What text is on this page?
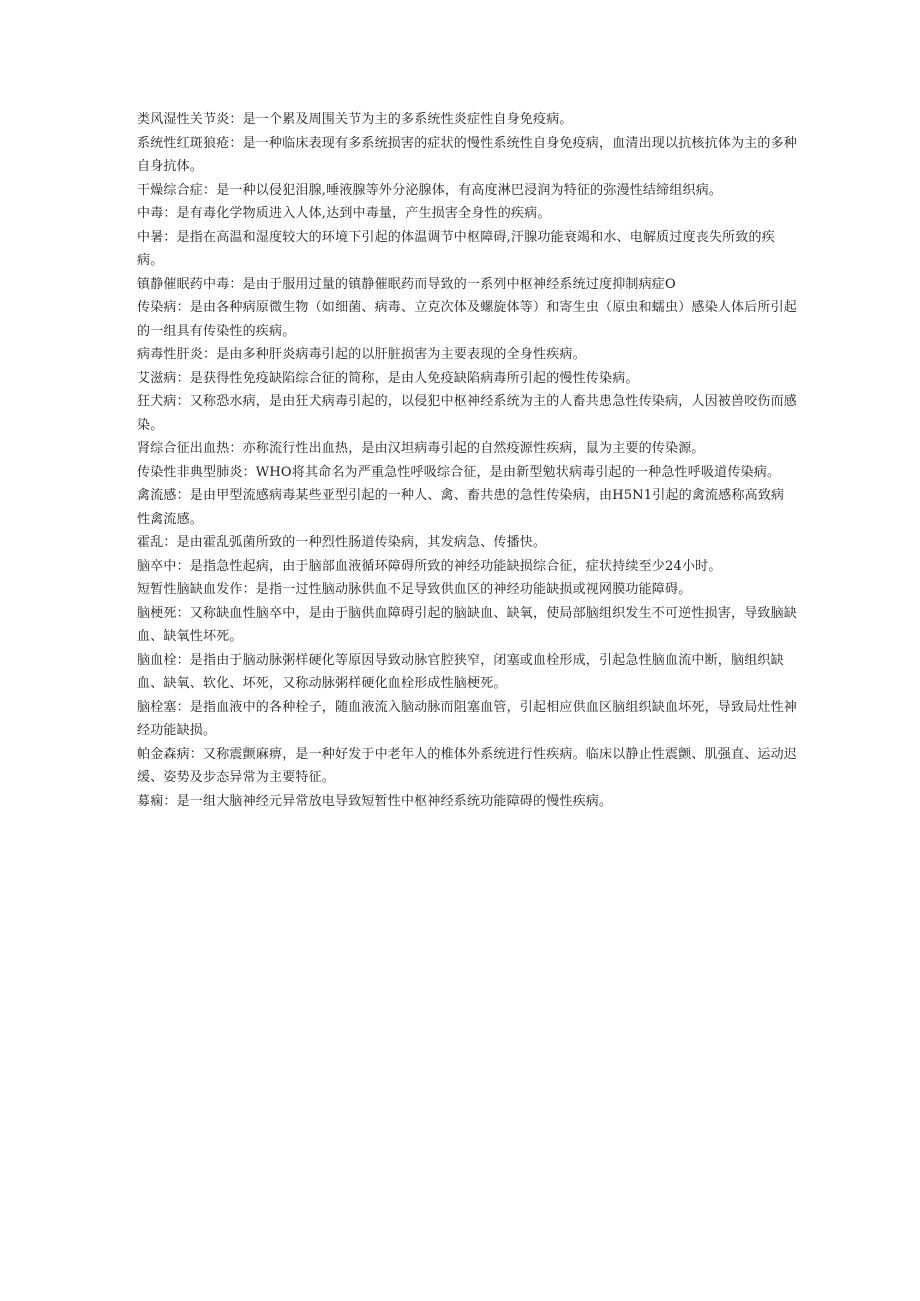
类风湿性关节炎：是一个累及周围关节为主的多系统性炎症性自身免疫病。

系统性红斑狼疮：是一种临床表现有多系统损害的症状的慢性系统性自身免疫病，血清出现以抗核抗体为主的多种自身抗体。

干燥综合症：是一种以侵犯泪腺,唾液腺等外分泌腺体，有高度淋巴浸润为特征的弥漫性结缔组织病。

中毒：是有毒化学物质进入人体,达到中毒量，产生损害全身性的疾病。

中暑：是指在高温和湿度较大的环境下引起的体温调节中枢障碍,汗腺功能衰竭和水、电解质过度丧失所致的疾病。

镇静催眠药中毒：是由于服用过量的镇静催眠药而导致的一系列中枢神经系统过度抑制病症O

传染病：是由各种病原微生物（如细菌、病毒、立克次体及螺旋体等）和寄生虫（原虫和蠕虫）感染人体后所引起的一组具有传染性的疾病。

病毒性肝炎：是由多种肝炎病毒引起的以肝脏损害为主要表现的全身性疾病。

艾滋病：是获得性免疫缺陷综合征的简称，是由人免疫缺陷病毒所引起的慢性传染病。

狂犬病：又称恐水病，是由狂犬病毒引起的，以侵犯中枢神经系统为主的人畜共患急性传染病，人因被兽咬伤而感染。

肾综合征出血热：亦称流行性出血热，是由汉坦病毒引起的自然疫源性疾病，鼠为主要的传染源。

传染性非典型肺炎：WHO将其命名为严重急性呼吸综合征，是由新型勉状病毒引起的一种急性呼吸道传染病。

禽流感：是由甲型流感病毒某些亚型引起的一种人、禽、畜共患的急性传染病，由H5N1引起的禽流感称高致病性禽流感。

霍乱：是由霍乱弧菌所致的一种烈性肠道传染病，其发病急、传播快。

脑卒中：是指急性起病，由于脑部血液循环障碍所致的神经功能缺损综合征，症状持续至少24小时。

短暂性脑缺血发作：是指一过性脑动脉供血不足导致供血区的神经功能缺损或视网膜功能障碍。

脑梗死：又称缺血性脑卒中，是由于脑供血障碍引起的脑缺血、缺氧，使局部脑组织发生不可逆性损害，导致脑缺血、缺氧性坏死。

脑血栓：是指由于脑动脉粥样硬化等原因导致动脉官腔狭窄，闭塞或血栓形成，引起急性脑血流中断，脑组织缺血、缺氧、软化、坏死，又称动脉粥样硬化血栓形成性脑梗死。

脑栓塞：是指血液中的各种栓子，随血液流入脑动脉而阻塞血管，引起相应供血区脑组织缺血坏死，导致局灶性神经功能缺损。

帕金森病：又称震颤麻痹，是一种好发于中老年人的椎体外系统进行性疾病。临床以静止性震颤、肌强直、运动迟缓、姿势及步态异常为主要特征。

募痫：是一组大脑神经元异常放电导致短暂性中枢神经系统功能障碍的慢性疾病。
